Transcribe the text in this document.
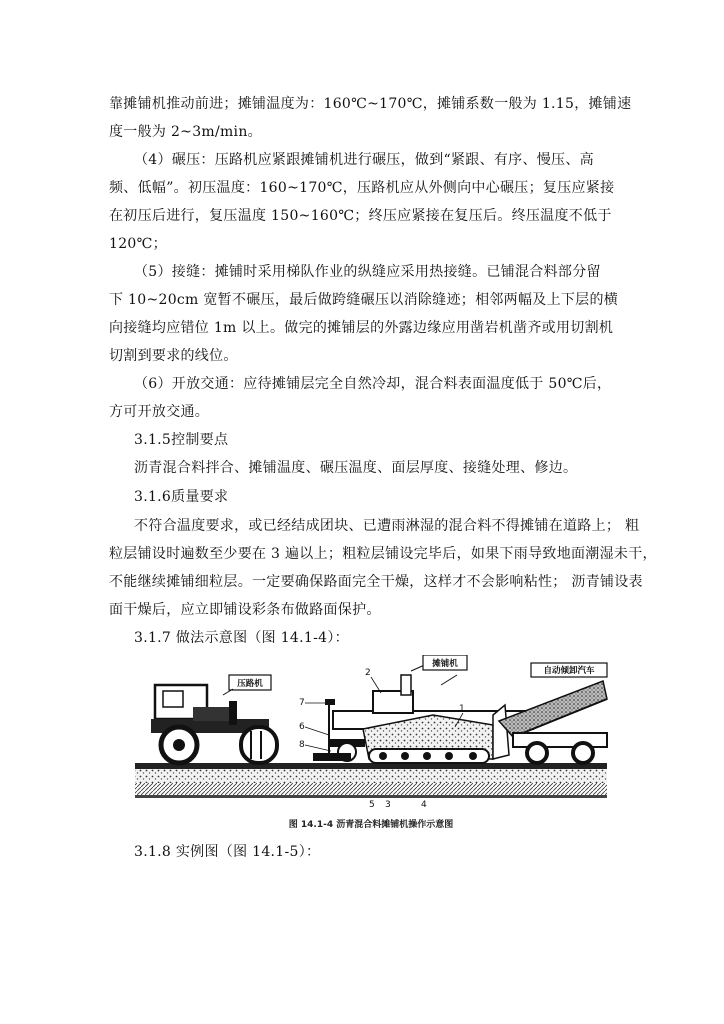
靠摊铺机推动前进；摊铺温度为：160℃~170℃，摊铺系数一般为 1.15，摊铺速
度一般为 2~3m/min。
（4）碾压：压路机应紧跟摊铺机进行碾压，做到“紧跟、有序、慢压、高
频、低幅”。初压温度：160~170℃，压路机应从外侧向中心碾压；复压应紧接
在初压后进行，复压温度 150~160℃；终压应紧接在复压后。终压温度不低于
120℃；
（5）接缝：摊铺时采用梯队作业的纵缝应采用热接缝。已铺混合料部分留
下 10~20cm 宽暂不碾压，最后做跨缝碾压以消除缝迹；相邻两幅及上下层的横
向接缝均应错位 1m 以上。做完的摊铺层的外露边缘应用凿岩机凿齐或用切割机
切割到要求的线位。
（6）开放交通：应待摊铺层完全自然冷却，混合料表面温度低于 50℃后，
方可开放交通。
3.1.5控制要点
沥青混合料拌合、摊铺温度、碾压温度、面层厚度、接缝处理、修边。
3.1.6质量要求
不符合温度要求，或已经结成团块、已遭雨淋湿的混合料不得摊铺在道路上； 粗
粒层铺设时遍数至少要在 3 遍以上；粗粒层铺设完毕后，如果下雨导致地面潮湿未干，
不能继续摊铺细粒层。一定要确保路面完全干燥，这样才不会影响粘性； 沥青铺设表
面干燥后，应立即铺设彩条布做路面保护。
3.1.7 做法示意图（图 14.1-4）：
压路机
摊铺机
自动倾卸汽车
1
2
3	4
5
6
7
8
图 14.1-4 沥青混合料摊铺机操作示意图
3.1.8 实例图（图 14.1-5）：
